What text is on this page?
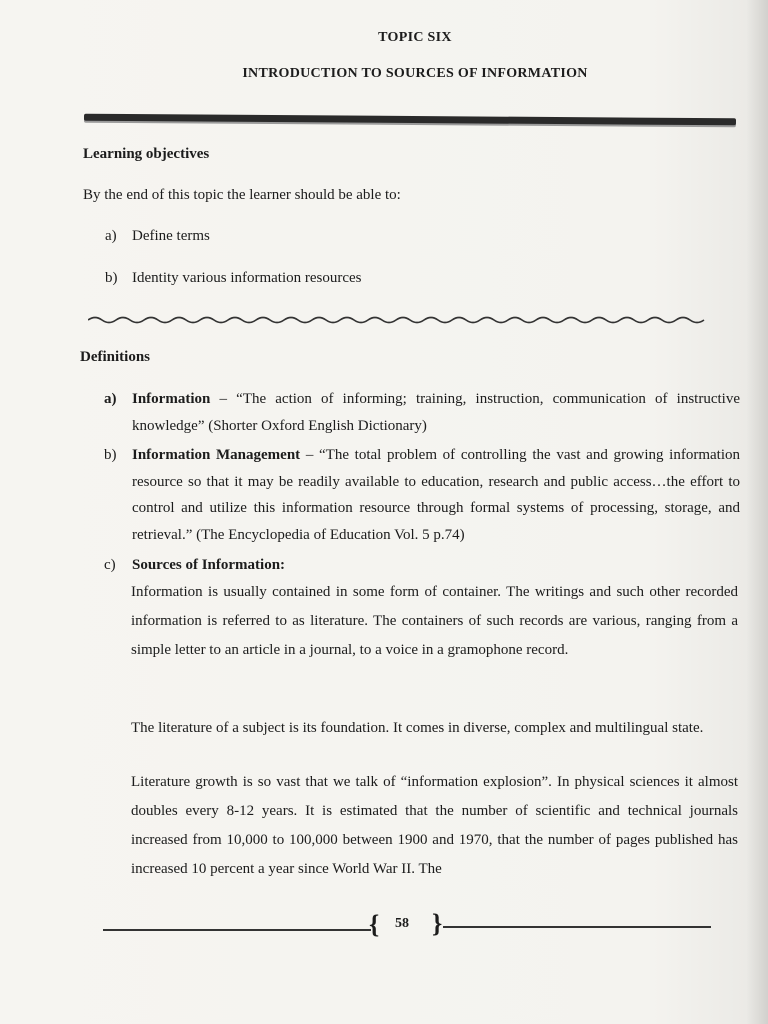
TOPIC SIX
INTRODUCTION TO SOURCES OF INFORMATION
Learning objectives
By the end of this topic the learner should be able to:
a) Define terms
b) Identity various information resources
Definitions
a) Information – “The action of informing; training, instruction, communication of instructive knowledge” (Shorter Oxford English Dictionary)
b) Information Management – “The total problem of controlling the vast and growing information resource so that it may be readily available to education, research and public access…the effort to control and utilize this information resource through formal systems of processing, storage, and retrieval.” (The Encyclopedia of Education Vol. 5 p.74)
c) Sources of Information:
Information is usually contained in some form of container. The writings and such other recorded information is referred to as literature. The containers of such records are various, ranging from a simple letter to an article in a journal, to a voice in a gramophone record.
The literature of a subject is its foundation. It comes in diverse, complex and multilingual state.
Literature growth is so vast that we talk of “information explosion”. In physical sciences it almost doubles every 8-12 years. It is estimated that the number of scientific and technical journals increased from 10,000 to 100,000 between 1900 and 1970, that the number of pages published has increased 10 percent a year since World War II. The
{ 58 }
